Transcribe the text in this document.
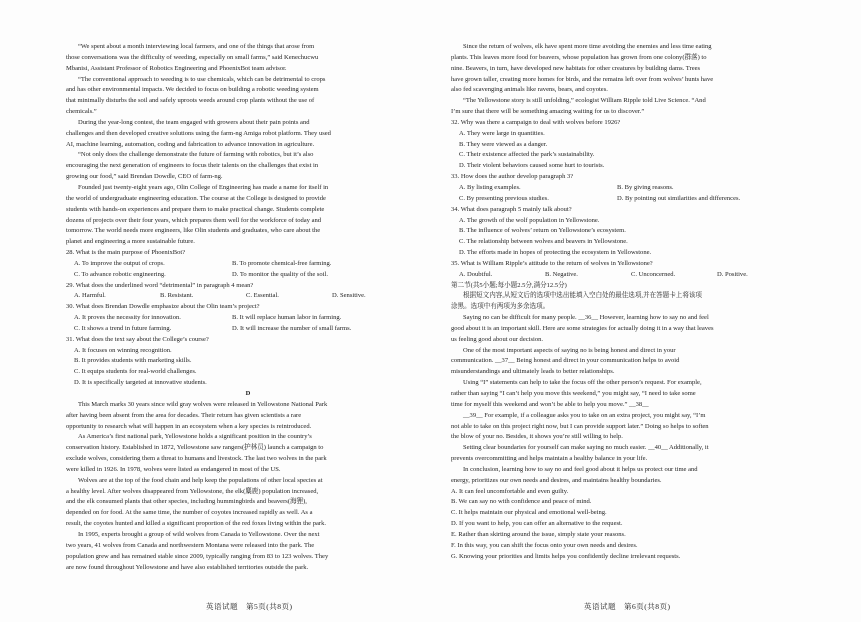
“We spent about a month interviewing local farmers, and one of the things that arose from
those conversations was the difficulty of weeding, especially on small farms,” said Kenechucwu
Mbanisi, Assistant Professor of Robotics Engineering and PhoenixBot team advisor.
“The conventional approach to weeding is to use chemicals, which can be detrimental to crops
and has other environmental impacts. We decided to focus on building a robotic weeding system
that minimally disturbs the soil and safely uproots weeds around crop plants without the use of
chemicals.”
During the year-long contest, the team engaged with growers about their pain points and
challenges and then developed creative solutions using the farm-ng Amiga robot platform. They used
AI, machine learning, automation, coding and fabrication to advance innovation in agriculture.
“Not only does the challenge demonstrate the future of farming with robotics, but it’s also
encouraging the next generation of engineers to focus their talents on the challenges that exist in
growing our food,” said Brendan Dowdle, CEO of farm-ng.
Founded just twenty-eight years ago, Olin College of Engineering has made a name for itself in
the world of undergraduate engineering education. The course at the College is designed to provide
students with hands-on experiences and prepare them to make practical change. Students complete
dozens of projects over their four years, which prepares them well for the workforce of today and
tomorrow. The world needs more engineers, like Olin students and graduates, who care about the
planet and engineering a more sustainable future.
28. What is the main purpose of PhoenixBot?
A. To improve the output of crops.	B. To promote chemical-free farming.
C. To advance robotic engineering.	D. To monitor the quality of the soil.
29. What does the underlined word “detrimental” in paragraph 4 mean?
A. Harmful.	B. Resistant.	C. Essential.	D. Sensitive.
30. What does Brendan Dowdle emphasize about the Olin team’s project?
A. It proves the necessity for innovation.	B. It will replace human labor in farming.
C. It shows a trend in future farming.	D. It will increase the number of small farms.
31. What does the text say about the College’s course?
A. It focuses on winning recognition.
B. It provides students with marketing skills.
C. It equips students for real-world challenges.
D. It is specifically targeted at innovative students.
D
This March marks 30 years since wild gray wolves were released in Yellowstone National Park
after having been absent from the area for decades. Their return has given scientists a rare
opportunity to research what will happen in an ecosystem when a key species is reintroduced.
As America’s first national park, Yellowstone holds a significant position in the country’s
conservation history. Established in 1872, Yellowstone saw rangers(护林员) launch a campaign to
exclude wolves, considering them a threat to humans and livestock. The last two wolves in the park
were killed in 1926. In 1978, wolves were listed as endangered in most of the US.
Wolves are at the top of the food chain and help keep the populations of other local species at
a healthy level. After wolves disappeared from Yellowstone, the elk(麋鹿) population increased,
and the elk consumed plants that other species, including hummingbirds and beavers(海狸),
depended on for food. At the same time, the number of coyotes increased rapidly as well. As a
result, the coyotes hunted and killed a significant proportion of the red foxes living within the park.
In 1995, experts brought a group of wild wolves from Canada to Yellowstone. Over the next
two years, 41 wolves from Canada and northwestern Montana were released into the park. The
population grew and has remained stable since 2009, typically ranging from 83 to 123 wolves. They
are now found throughout Yellowstone and have also established territories outside the park.
Since the return of wolves, elk have spent more time avoiding the enemies and less time eating
plants. This leaves more food for beavers, whose population has grown from one colony(群落) to
nine. Beavers, in turn, have developed new habitats for other creatures by building dams. Trees
have grown taller, creating more homes for birds, and the remains left over from wolves’ hunts have
also fed scavenging animals like ravens, bears, and coyotes.
“The Yellowstone story is still unfolding,” ecologist William Ripple told Live Science. “And
I’m sure that there will be something amazing waiting for us to discover.”
32. Why was there a campaign to deal with wolves before 1926?
A. They were large in quantities.
B. They were viewed as a danger.
C. Their existence affected the park’s sustainability.
D. Their violent behaviors caused some hurt to tourists.
33. How does the author develop paragraph 3?
A. By listing examples.	B. By giving reasons.
C. By presenting previous studies.	D. By pointing out similarities and differences.
34. What does paragraph 5 mainly talk about?
A. The growth of the wolf population in Yellowstone.
B. The influence of wolves’ return on Yellowstone’s ecosystem.
C. The relationship between wolves and beavers in Yellowstone.
D. The efforts made in hopes of protecting the ecosystem in Yellowstone.
35. What is William Ripple’s attitude to the return of wolves in Yellowstone?
A. Doubtful.	B. Negative.	C. Unconcerned.	D. Positive.
第二节(共5小题;每小题2.5分,满分12.5分)
根据短文内容,从短文后的选项中选出能填入空白处的最佳选项,并在答题卡上将该项
涂黑。选项中有两项为多余选项。
Saying no can be difficult for many people. __36__ However, learning how to say no and feel
good about it is an important skill. Here are some strategies for actually doing it in a way that leaves
us feeling good about our decision.
One of the most important aspects of saying no is being honest and direct in your
communication. __37__ Being honest and direct in your communication helps to avoid
misunderstandings and ultimately leads to better relationships.
Using “I” statements can help to take the focus off the other person’s request. For example,
rather than saying “I can’t help you move this weekend,” you might say, “I need to take some
time for myself this weekend and won’t be able to help you move.” __38__
__39__ For example, if a colleague asks you to take on an extra project, you might say, “I’m
not able to take on this project right now, but I can provide support later.” Doing so helps to soften
the blow of your no. Besides, it shows you’re still willing to help.
Setting clear boundaries for yourself can make saying no much easier. __40__ Additionally, it
prevents overcommitting and helps maintain a healthy balance in your life.
In conclusion, learning how to say no and feel good about it helps us protect our time and
energy, prioritizes our own needs and desires, and maintains healthy boundaries.
A. It can feel uncomfortable and even guilty.
B. We can say no with confidence and peace of mind.
C. It helps maintain our physical and emotional well-being.
D. If you want to help, you can offer an alternative to the request.
E. Rather than skirting around the issue, simply state your reasons.
F. In this way, you can shift the focus onto your own needs and desires.
G. Knowing your priorities and limits helps you confidently decline irrelevant requests.
英语试题　第5页(共8页)	英语试题　第6页(共8页)
